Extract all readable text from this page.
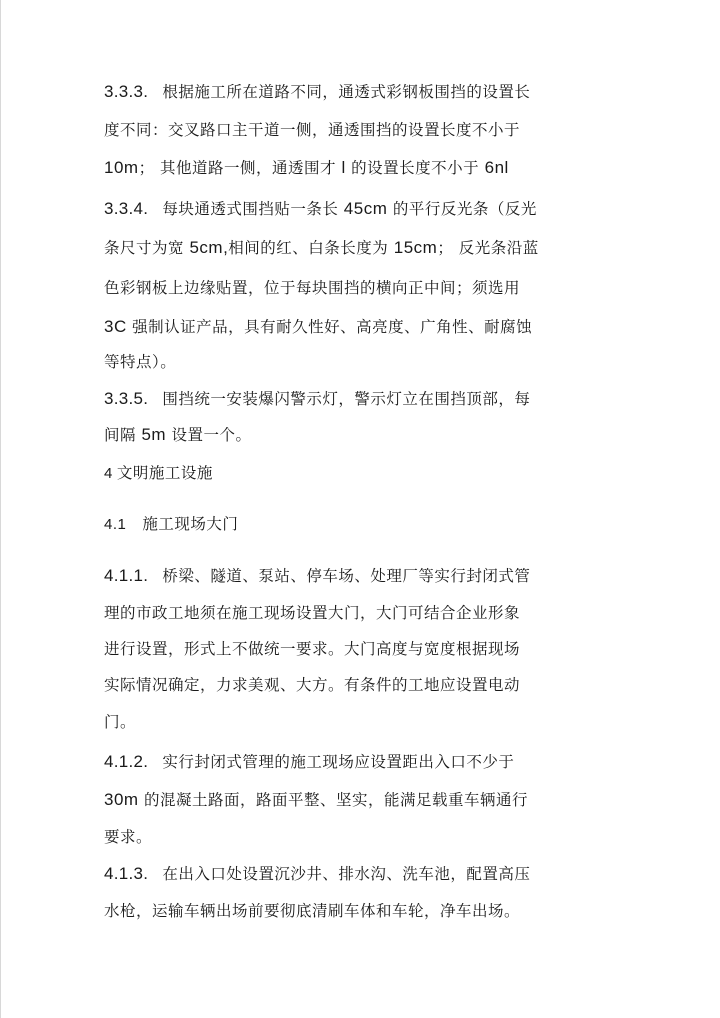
3.3.3. 根据施工所在道路不同，通透式彩钢板围挡的设置长
度不同：交叉路口主干道一侧，通透围挡的设置长度不小于
10m； 其他道路一侧，通透围才 l 的设置长度不小于 6nl
3.3.4. 每块通透式围挡贴一条长 45cm 的平行反光条（反光
条尺寸为宽 5cm,相间的红、白条长度为 15cm； 反光条沿蓝
色彩钢板上边缘贴置，位于每块围挡的横向正中间；须选用
3C 强制认证产品，具有耐久性好、高亮度、广角性、耐腐蚀
等特点）。
3.3.5. 围挡统一安装爆闪警示灯，警示灯立在围挡顶部，每
间隔 5m 设置一个。
4 文明施工设施
4.1 施工现场大门
4.1.1. 桥梁、隧道、泵站、停车场、处理厂等实行封闭式管
理的市政工地须在施工现场设置大门，大门可结合企业形象
进行设置，形式上不做统一要求。大门高度与宽度根据现场
实际情况确定，力求美观、大方。有条件的工地应设置电动
门。
4.1.2. 实行封闭式管理的施工现场应设置距出入口不少于
30m 的混凝土路面，路面平整、坚实，能满足载重车辆通行
要求。
4.1.3. 在出入口处设置沉沙井、排水沟、洗车池，配置高压
水枪，运输车辆出场前要彻底清刷车体和车轮，净车出场。
